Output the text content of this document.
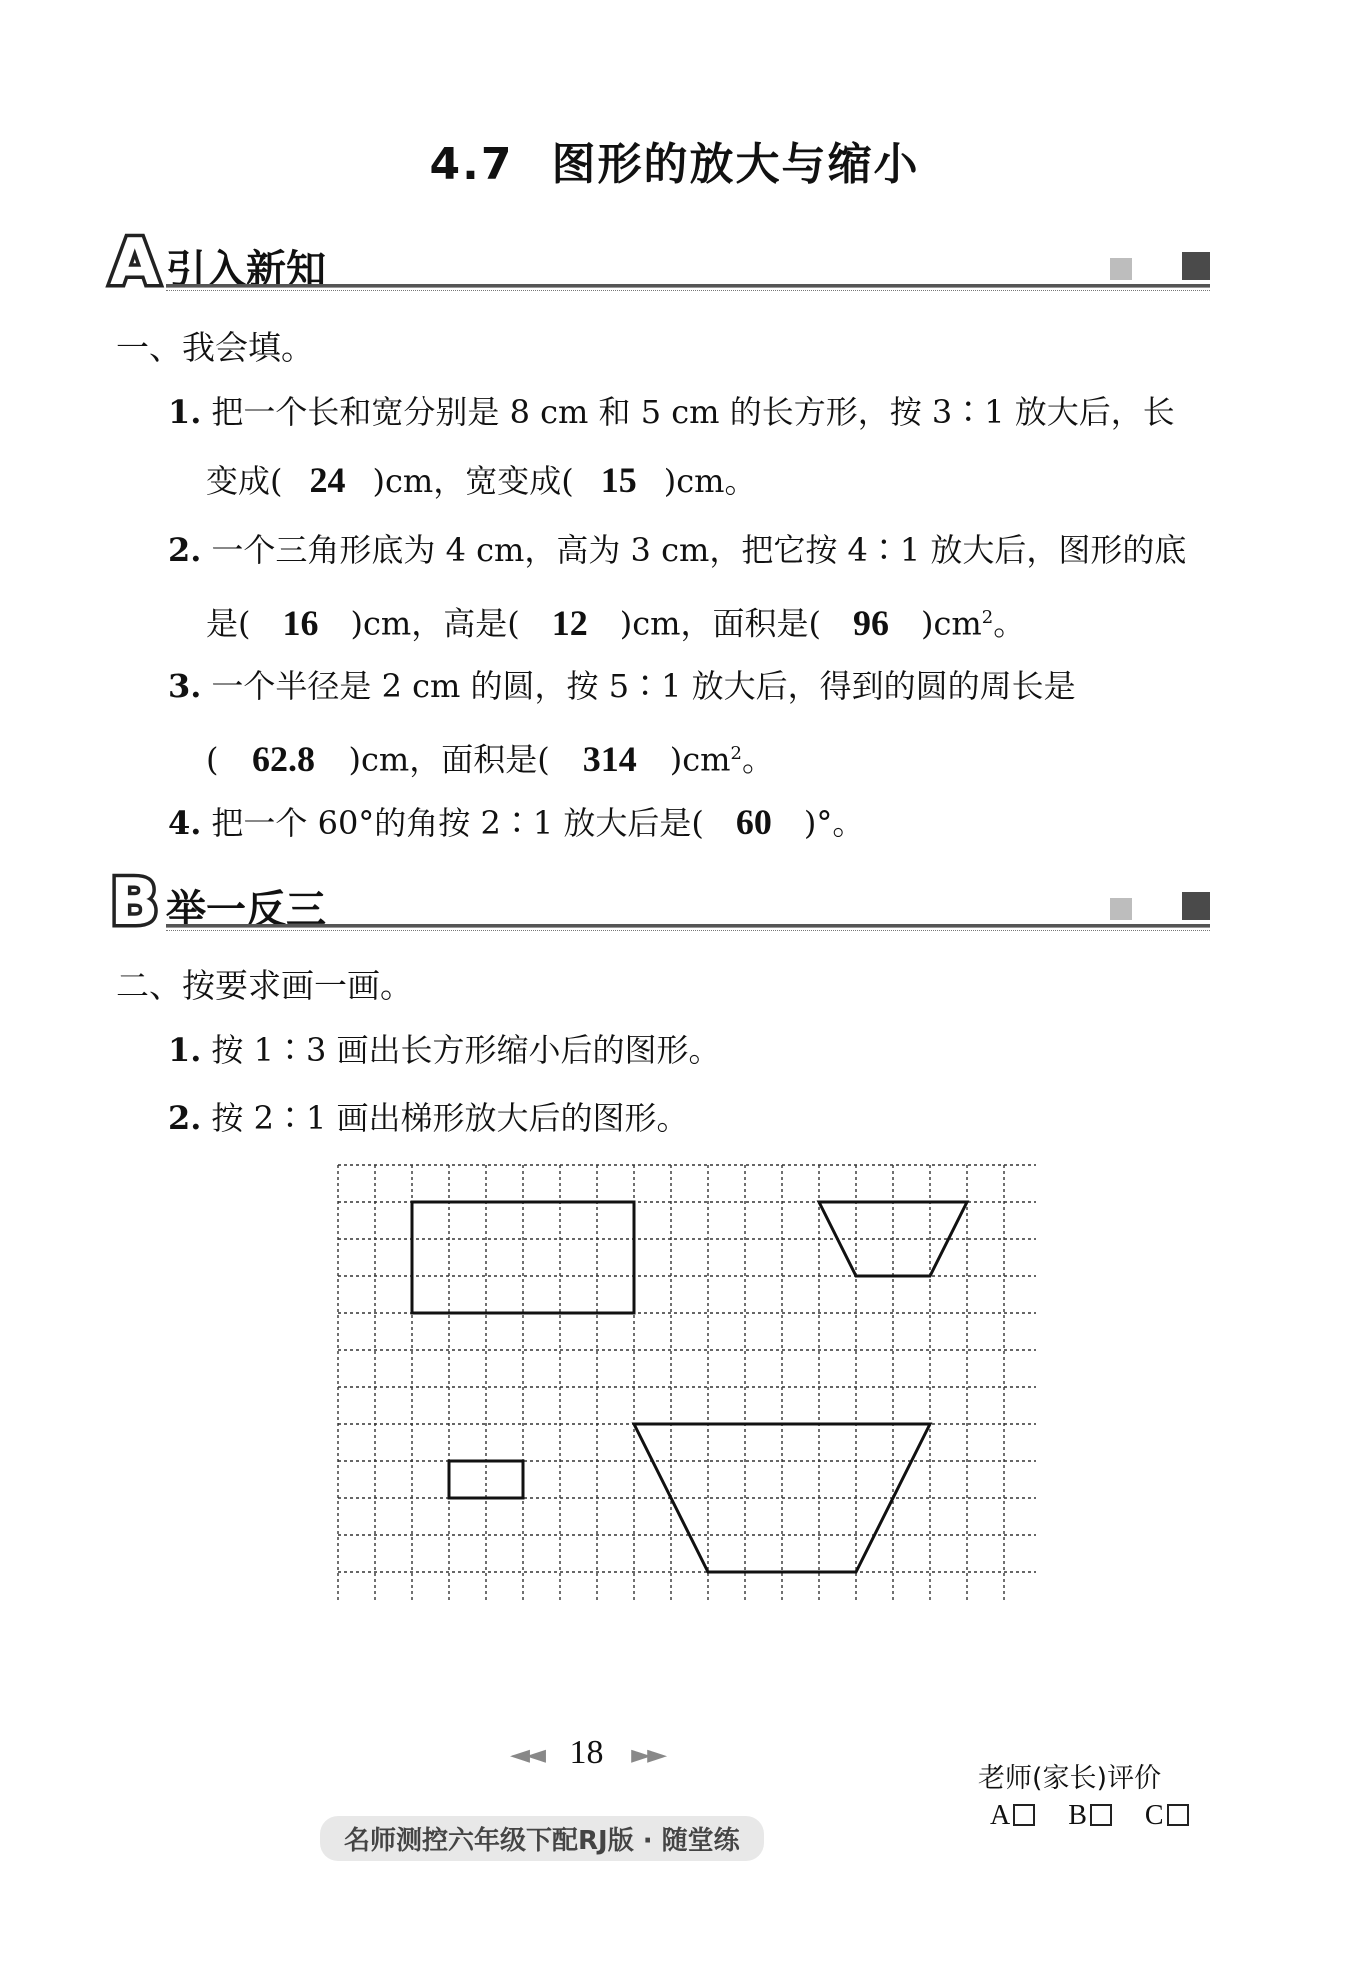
4.7 图形的放大与缩小
A 引入新知
一、我会填。
1. 把一个长和宽分别是 8 cm 和 5 cm 的长方形，按 3∶1 放大后，长
变成( 24 )cm，宽变成( 15 )cm。
2. 一个三角形底为 4 cm，高为 3 cm，把它按 4∶1 放大后，图形的底
是( 16 )cm，高是( 12 )cm，面积是( 96 )$cm^2$。
3. 一个半径是 2 cm 的圆，按 5∶1 放大后，得到的圆的周长是
( 62.8 )cm，面积是( 314 )$cm^2$。
4. 把一个 60°的角按 2∶1 放大后是( 60 )°。
B 举一反三
二、按要求画一画。
1. 按 1∶3 画出长方形缩小后的图形。
2. 按 2∶1 画出梯形放大后的图形。
◄◄ 18 ►►
名师测控六年级下配RJ版 · 随堂练
老师(家长)评价
A B C
